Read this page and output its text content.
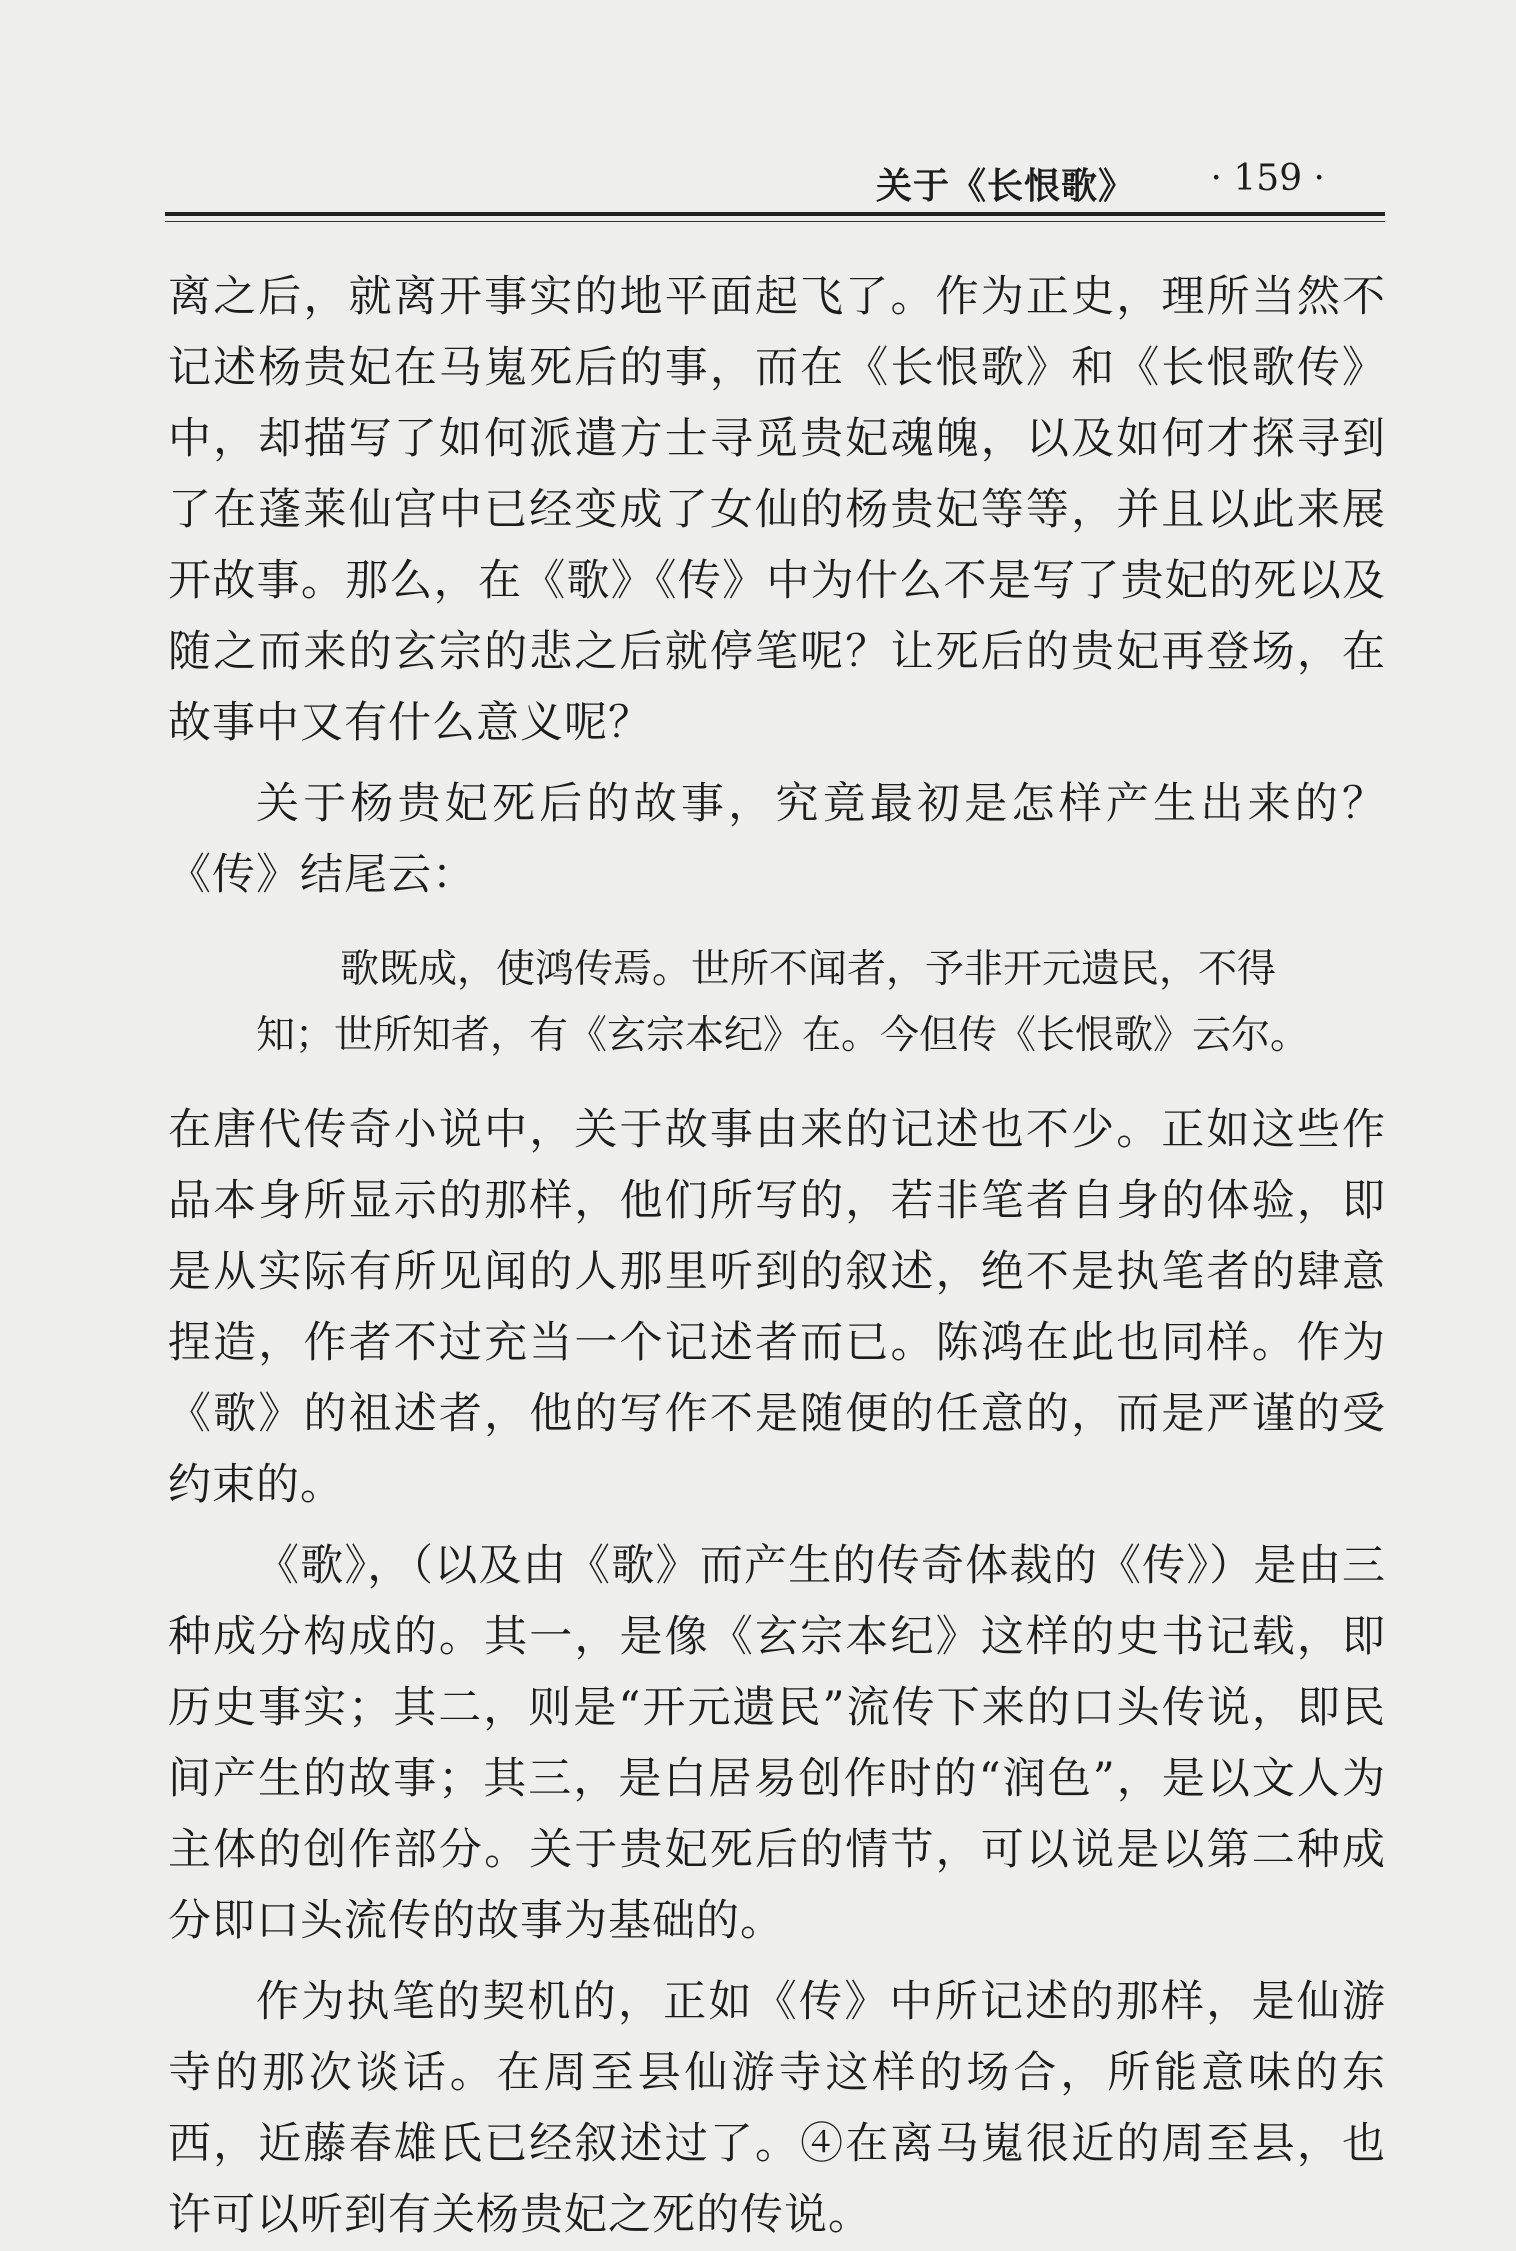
关于《长恨歌》 · 159 ·

离之后，就离开事实的地平面起飞了。作为正史，理所当然不记述杨贵妃在马嵬死后的事，而在《长恨歌》和《长恨歌传》中，却描写了如何派遣方士寻觅贵妃魂魄，以及如何才探寻到了在蓬莱仙宫中已经变成了女仙的杨贵妃等等，并且以此来展开故事。那么，在《歌》《传》中为什么不是写了贵妃的死以及随之而来的玄宗的悲之后就停笔呢？让死后的贵妃再登场，在故事中又有什么意义呢？

关于杨贵妃死后的故事，究竟最初是怎样产生出来的？《传》结尾云：

歌既成，使鸿传焉。世所不闻者，予非开元遗民，不得
知；世所知者，有《玄宗本纪》在。今但传《长恨歌》云尔。

在唐代传奇小说中，关于故事由来的记述也不少。正如这些作品本身所显示的那样，他们所写的，若非笔者自身的体验，即是从实际有所见闻的人那里听到的叙述，绝不是执笔者的肆意捏造，作者不过充当一个记述者而已。陈鸿在此也同样。作为《歌》的祖述者，他的写作不是随便的任意的，而是严谨的受约束的。

《歌》，（以及由《歌》而产生的传奇体裁的《传》）是由三种成分构成的。其一，是像《玄宗本纪》这样的史书记载，即历史事实；其二，则是“开元遗民”流传下来的口头传说，即民间产生的故事；其三，是白居易创作时的“润色”，是以文人为主体的创作部分。关于贵妃死后的情节，可以说是以第二种成分即口头流传的故事为基础的。

作为执笔的契机的，正如《传》中所记述的那样，是仙游寺的那次谈话。在周至县仙游寺这样的场合，所能意味的东西，近藤春雄氏已经叙述过了。④在离马嵬很近的周至县，也许可以听到有关杨贵妃之死的传说。
